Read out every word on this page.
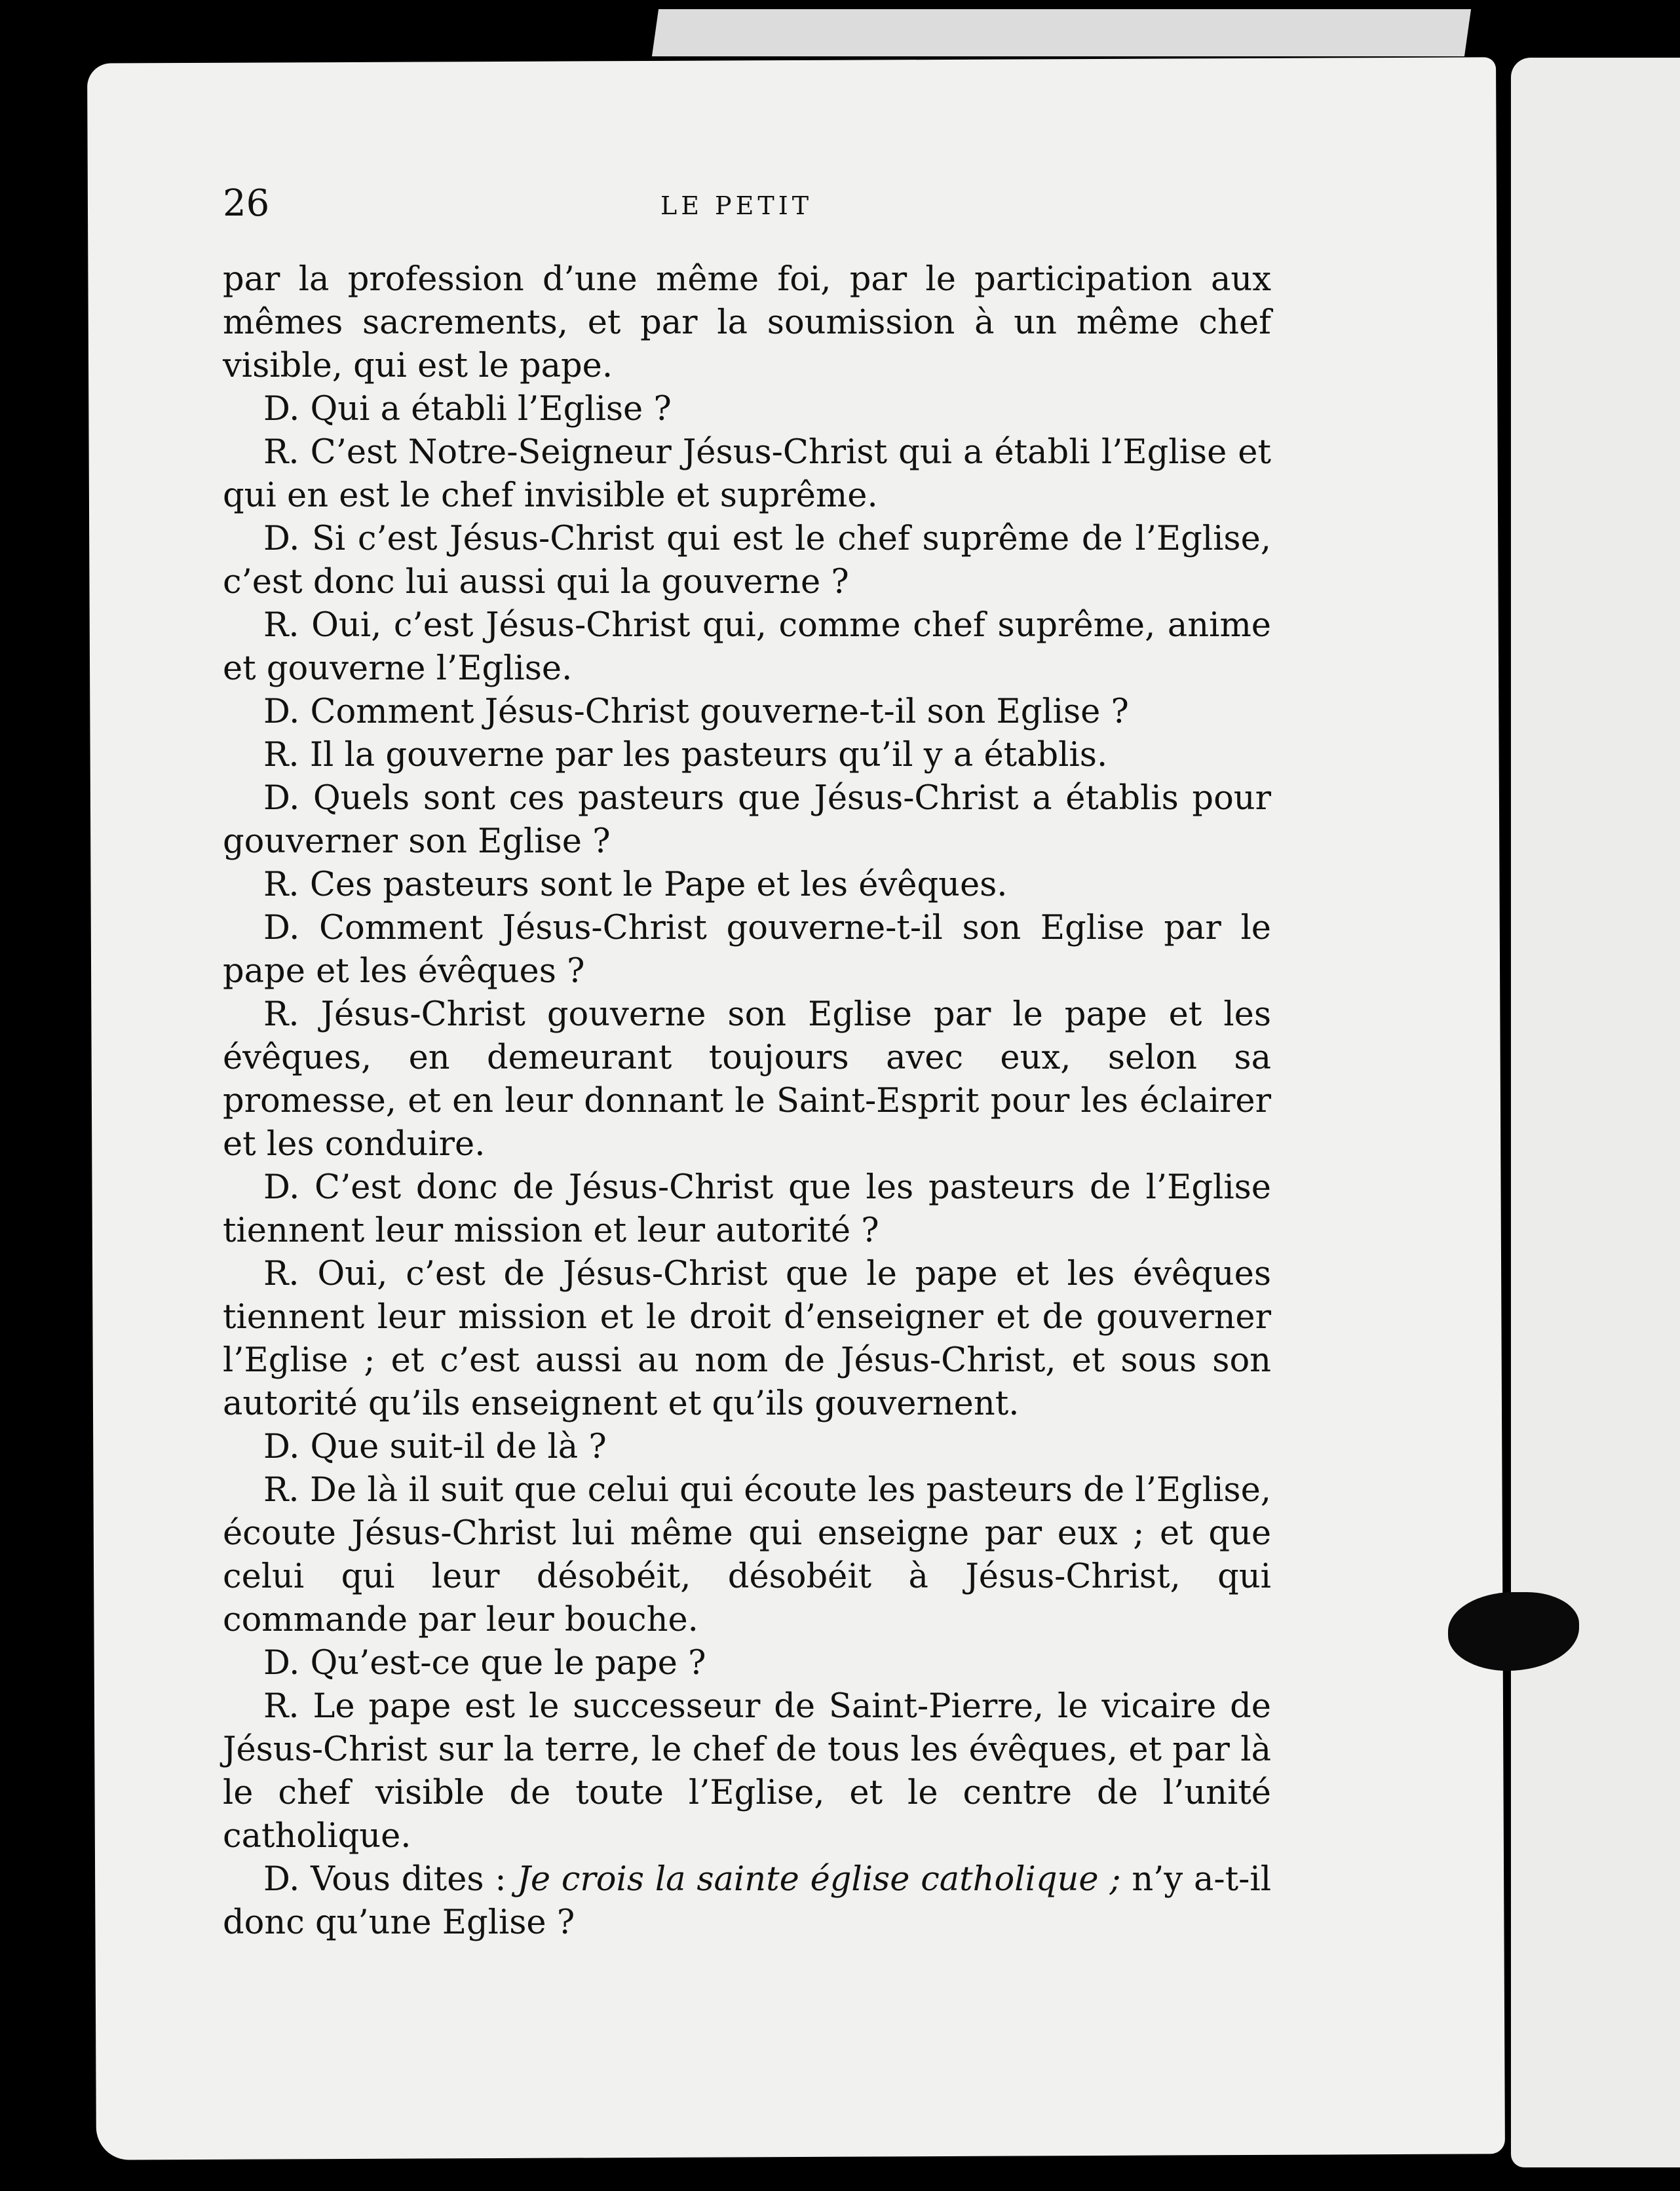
26	LE PETIT

par la profession d’une même foi, par le participation aux mêmes sacrements, et par la soumission à un même chef visible, qui est le pape.

D. Qui a établi l’Eglise ?

R. C’est Notre-Seigneur Jésus-Christ qui a établi l’Eglise et qui en est le chef invisible et suprême.

D. Si c’est Jésus-Christ qui est le chef suprême de l’Eglise, c’est donc lui aussi qui la gouverne ?

R. Oui, c’est Jésus-Christ qui, comme chef suprême, anime et gouverne l’Eglise.

D. Comment Jésus-Christ gouverne-t-il son Eglise ?

R. Il la gouverne par les pasteurs qu’il y a établis.

D. Quels sont ces pasteurs que Jésus-Christ a établis pour gouverner son Eglise ?

R. Ces pasteurs sont le Pape et les évêques.

D. Comment Jésus-Christ gouverne-t-il son Eglise par le pape et les évêques ?

R. Jésus-Christ gouverne son Eglise par le pape et les évêques, en demeurant toujours avec eux, selon sa promesse, et en leur donnant le Saint-Esprit pour les éclairer et les conduire.

D. C’est donc de Jésus-Christ que les pasteurs de l’Eglise tiennent leur mission et leur autorité ?

R. Oui, c’est de Jésus-Christ que le pape et les évêques tiennent leur mission et le droit d’enseigner et de gouverner l’Eglise ; et c’est aussi au nom de Jésus-Christ, et sous son autorité qu’ils enseignent et qu’ils gouvernent.

D. Que suit-il de là ?

R. De là il suit que celui qui écoute les pasteurs de l’Eglise, écoute Jésus-Christ lui même qui enseigne par eux ; et que celui qui leur désobéit, désobéit à Jésus-Christ, qui commande par leur bouche.

D. Qu’est-ce que le pape ?

R. Le pape est le successeur de Saint-Pierre, le vicaire de Jésus-Christ sur la terre, le chef de tous les évêques, et par là le chef visible de toute l’Eglise, et le centre de l’unité catholique.

D. Vous dites : Je crois la sainte église catholique ; n’y a-t-il donc qu’une Eglise ?
